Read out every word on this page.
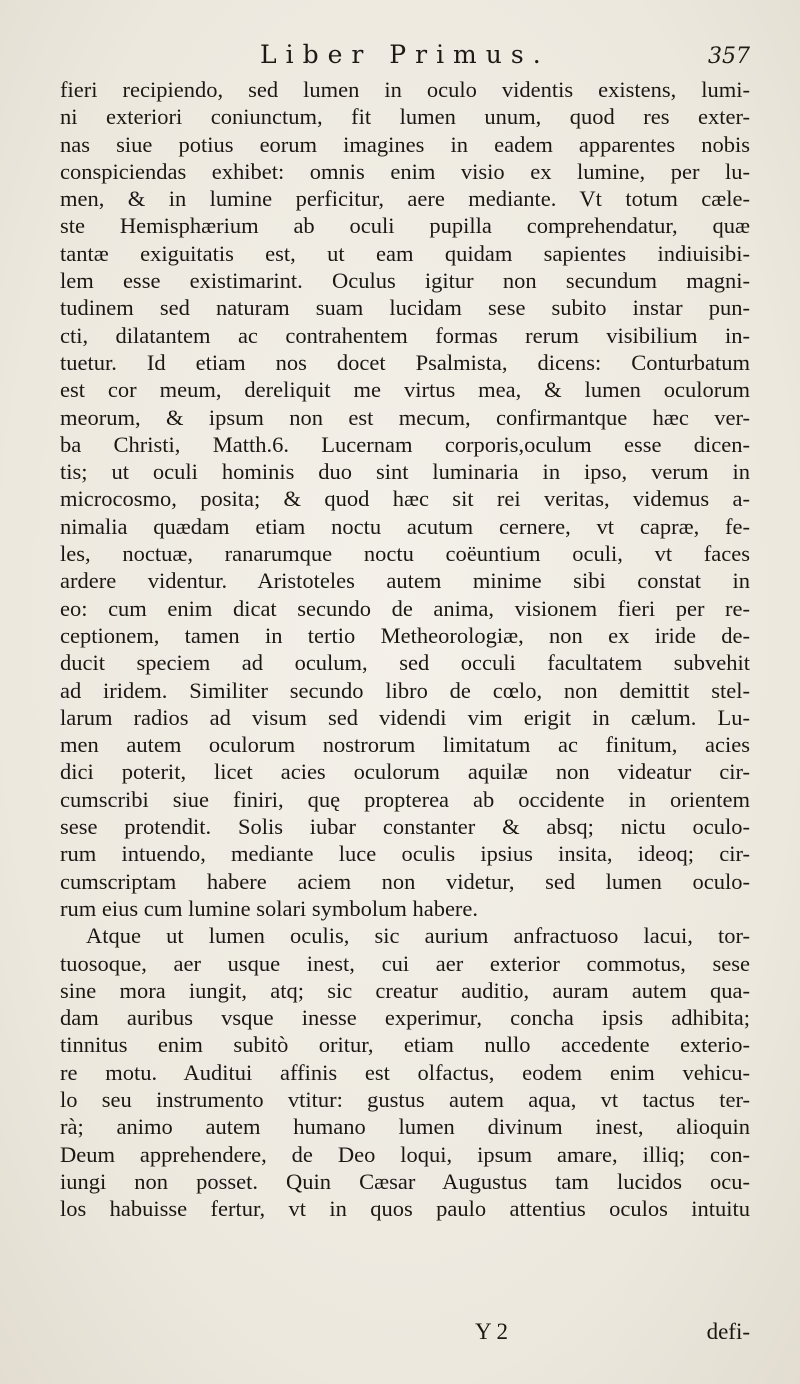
Liber Primus.	357
fieri recipiendo, sed lumen in oculo videntis existens, lumi-
ni exteriori coniunctum, fit lumen unum, quod res exter-
nas siue potius eorum imagines in eadem apparentes nobis
conspiciendas exhibet: omnis enim visio ex lumine, per lu-
men, & in lumine perficitur, aere mediante. Vt totum cæle-
ste Hemisphærium ab oculi pupilla comprehendatur, quæ
tantæ exiguitatis est, ut eam quidam sapientes indiuisibi-
lem esse existimarint. Oculus igitur non secundum magni-
tudinem sed naturam suam lucidam sese subito instar pun-
cti, dilatantem ac contrahentem formas rerum visibilium in-
tuetur. Id etiam nos docet Psalmista, dicens: Conturbatum
est cor meum, dereliquit me virtus mea, & lumen oculorum
meorum, & ipsum non est mecum, confirmantque hæc ver-
ba Christi, Matth.6. Lucernam corporis,oculum esse dicen-
tis; ut oculi hominis duo sint luminaria in ipso, verum in
microcosmo, posita; & quod hæc sit rei veritas, videmus a-
nimalia quædam etiam noctu acutum cernere, vt capræ, fe-
les, noctuæ, ranarumque noctu coëuntium oculi, vt faces
ardere videntur. Aristoteles autem minime sibi constat in
eo: cum enim dicat secundo de anima, visionem fieri per re-
ceptionem, tamen in tertio Metheorologiæ, non ex iride de-
ducit speciem ad oculum, sed occuli facultatem subvehit
ad iridem. Similiter secundo libro de cœlo, non demittit stel-
larum radios ad visum sed videndi vim erigit in cælum. Lu-
men autem oculorum nostrorum limitatum ac finitum, acies
dici poterit, licet acies oculorum aquilæ non videatur cir-
cumscribi siue finiri, quę propterea ab occidente in orientem
sese protendit. Solis iubar constanter & absq; nictu oculo-
rum intuendo, mediante luce oculis ipsius insita, ideoq; cir-
cumscriptam habere aciem non videtur, sed lumen oculo-
rum eius cum lumine solari symbolum habere.
Atque ut lumen oculis, sic aurium anfractuoso lacui, tor-
tuosoque, aer usque inest, cui aer exterior commotus, sese
sine mora iungit, atq; sic creatur auditio, auram autem qua-
dam auribus vsque inesse experimur, concha ipsis adhibita;
tinnitus enim subitò oritur, etiam nullo accedente exterio-
re motu. Auditui affinis est olfactus, eodem enim vehicu-
lo seu instrumento vtitur: gustus autem aqua, vt tactus ter-
rà; animo autem humano lumen divinum inest, alioquin
Deum apprehendere, de Deo loqui, ipsum amare, illiq; con-
iungi non posset. Quin Cæsar Augustus tam lucidos ocu-
los habuisse fertur, vt in quos paulo attentius oculos intuitu
Y 2	defi-
